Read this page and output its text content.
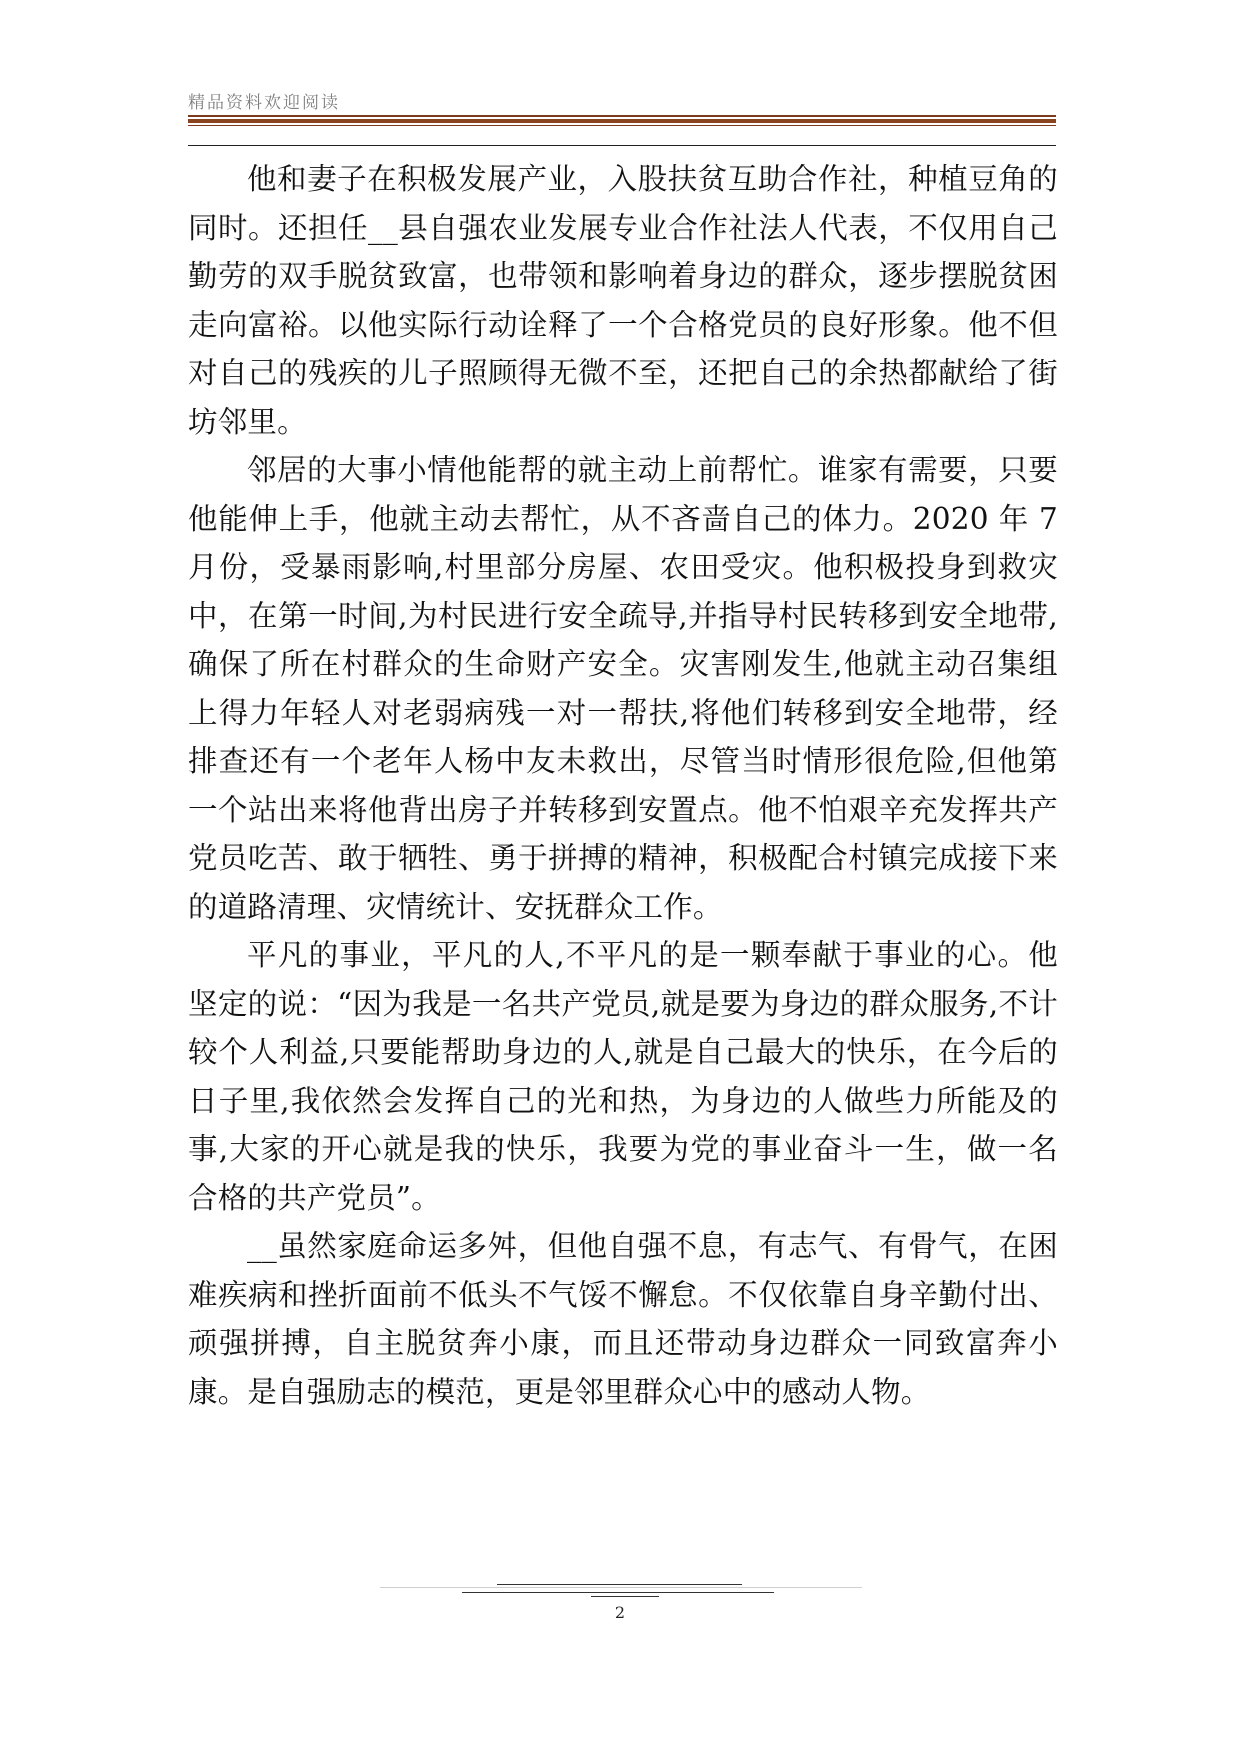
精品资料欢迎阅读

他和妻子在积极发展产业，入股扶贫互助合作社，种植豆角的同时。还担任__县自强农业发展专业合作社法人代表，不仅用自己勤劳的双手脱贫致富，也带领和影响着身边的群众，逐步摆脱贫困走向富裕。以他实际行动诠释了一个合格党员的良好形象。他不但对自己的残疾的儿子照顾得无微不至，还把自己的余热都献给了街坊邻里。

邻居的大事小情他能帮的就主动上前帮忙。谁家有需要，只要他能伸上手，他就主动去帮忙，从不吝啬自己的体力。2020 年 7 月份，受暴雨影响,村里部分房屋、农田受灾。他积极投身到救灾中，在第一时间,为村民进行安全疏导,并指导村民转移到安全地带,确保了所在村群众的生命财产安全。灾害刚发生,他就主动召集组上得力年轻人对老弱病残一对一帮扶,将他们转移到安全地带，经排查还有一个老年人杨中友未救出，尽管当时情形很危险,但他第一个站出来将他背出房子并转移到安置点。他不怕艰辛充发挥共产党员吃苦、敢于牺牲、勇于拼搏的精神，积极配合村镇完成接下来的道路清理、灾情统计、安抚群众工作。

平凡的事业，平凡的人,不平凡的是一颗奉献于事业的心。他坚定的说：“因为我是一名共产党员,就是要为身边的群众服务,不计较个人利益,只要能帮助身边的人,就是自己最大的快乐，在今后的日子里,我依然会发挥自己的光和热，为身边的人做些力所能及的事,大家的开心就是我的快乐，我要为党的事业奋斗一生，做一名合格的共产党员”。

__虽然家庭命运多舛，但他自强不息，有志气、有骨气，在困难疾病和挫折面前不低头不气馁不懈怠。不仅依靠自身辛勤付出、顽强拼搏，自主脱贫奔小康，而且还带动身边群众一同致富奔小康。是自强励志的模范，更是邻里群众心中的感动人物。

2
